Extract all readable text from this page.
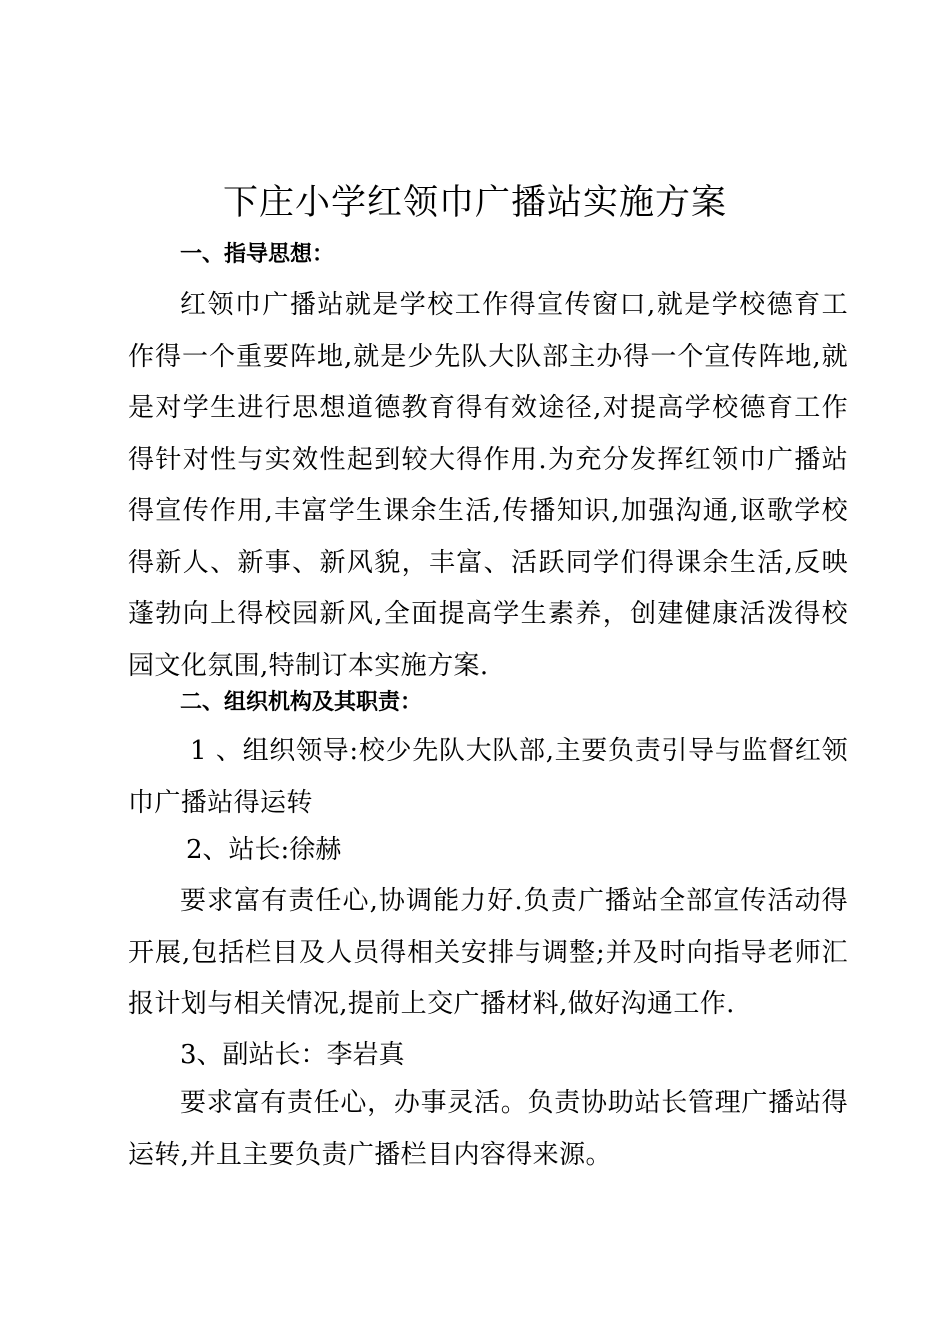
下庄小学红领巾广播站实施方案
一、指导思想：

红领巾广播站就是学校工作得宣传窗口,就是学校德育工作得一个重要阵地,就是少先队大队部主办得一个宣传阵地,就是对学生进行思想道德教育得有效途径,对提高学校德育工作得针对性与实效性起到较大得作用.为充分发挥红领巾广播站得宣传作用,丰富学生课余生活,传播知识,加强沟通,讴歌学校得新人、新事、新风貌，丰富、活跃同学们得课余生活,反映蓬勃向上得校园新风,全面提高学生素养，创建健康活泼得校园文化氛围,特制订本实施方案.

二、组织机构及其职责：

1 、组织领导:校少先队大队部,主要负责引导与监督红领巾广播站得运转

2、站长:徐赫

要求富有责任心,协调能力好.负责广播站全部宣传活动得开展,包括栏目及人员得相关安排与调整;并及时向指导老师汇报计划与相关情况,提前上交广播材料,做好沟通工作.

3、副站长：李岩真

要求富有责任心，办事灵活。负责协助站长管理广播站得运转,并且主要负责广播栏目内容得来源。
